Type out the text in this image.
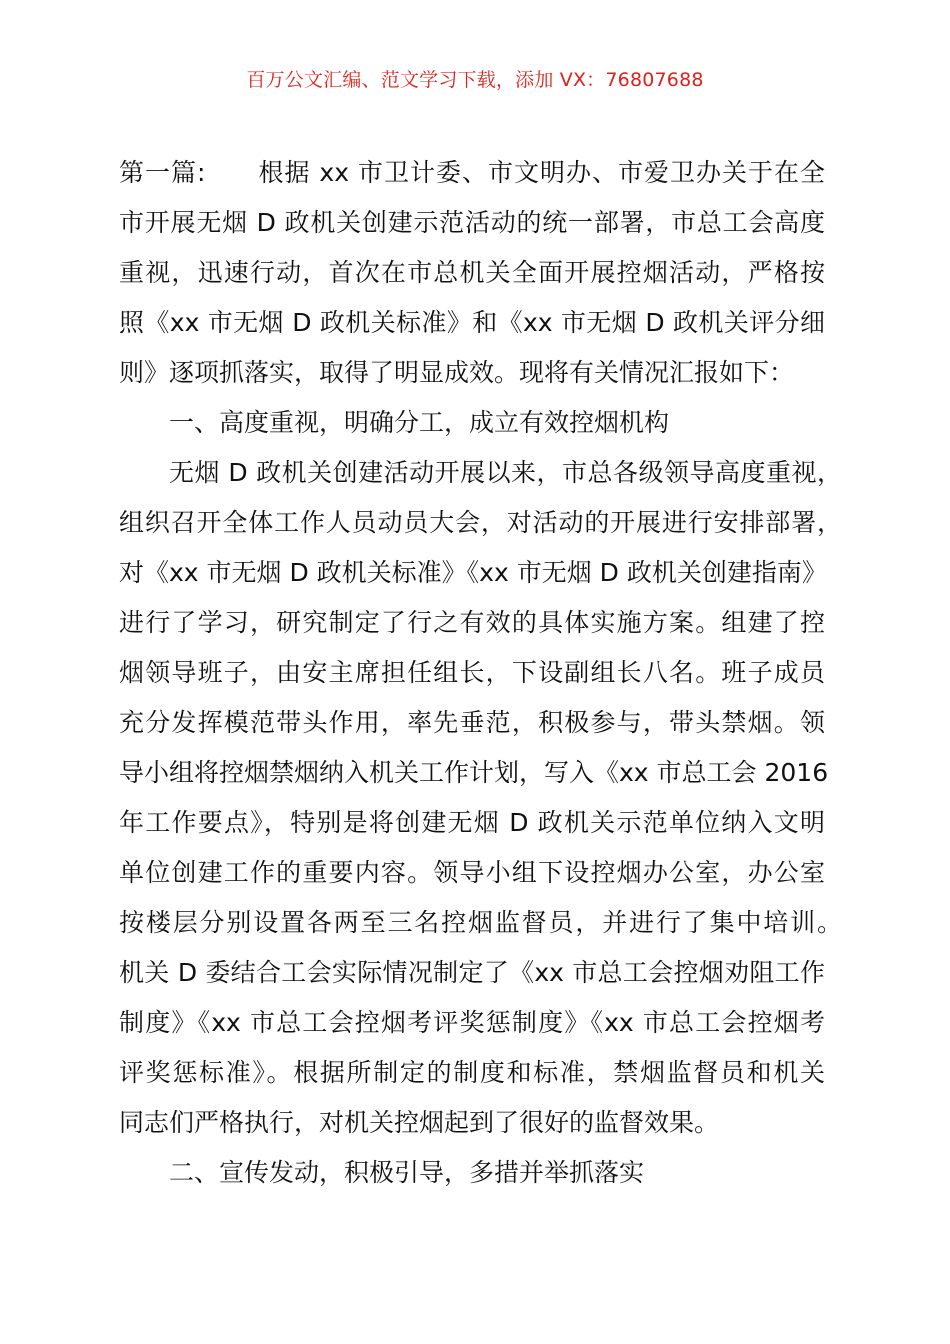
百万公文汇编、范文学习下载，添加 VX：76807688
第一篇:　　根据 xx 市卫计委、市文明办、市爱卫办关于在全
市开展无烟 D 政机关创建示范活动的统一部署，市总工会高度
重视，迅速行动，首次在市总机关全面开展控烟活动，严格按
照《xx 市无烟 D 政机关标准》和《xx 市无烟 D 政机关评分细
则》逐项抓落实，取得了明显成效。现将有关情况汇报如下：
一、高度重视，明确分工，成立有效控烟机构
无烟 D 政机关创建活动开展以来，市总各级领导高度重视，
组织召开全体工作人员动员大会，对活动的开展进行安排部署，
对《xx 市无烟 D 政机关标准》《xx 市无烟 D 政机关创建指南》
进行了学习，研究制定了行之有效的具体实施方案。组建了控
烟领导班子，由安主席担任组长，下设副组长八名。班子成员
充分发挥模范带头作用，率先垂范，积极参与，带头禁烟。领
导小组将控烟禁烟纳入机关工作计划，写入《xx 市总工会 2016
年工作要点》，特别是将创建无烟 D 政机关示范单位纳入文明
单位创建工作的重要内容。领导小组下设控烟办公室，办公室
按楼层分别设置各两至三名控烟监督员，并进行了集中培训。
机关 D 委结合工会实际情况制定了《xx 市总工会控烟劝阻工作
制度》《xx 市总工会控烟考评奖惩制度》《xx 市总工会控烟考
评奖惩标准》。根据所制定的制度和标准，禁烟监督员和机关
同志们严格执行，对机关控烟起到了很好的监督效果。
二、宣传发动，积极引导，多措并举抓落实
